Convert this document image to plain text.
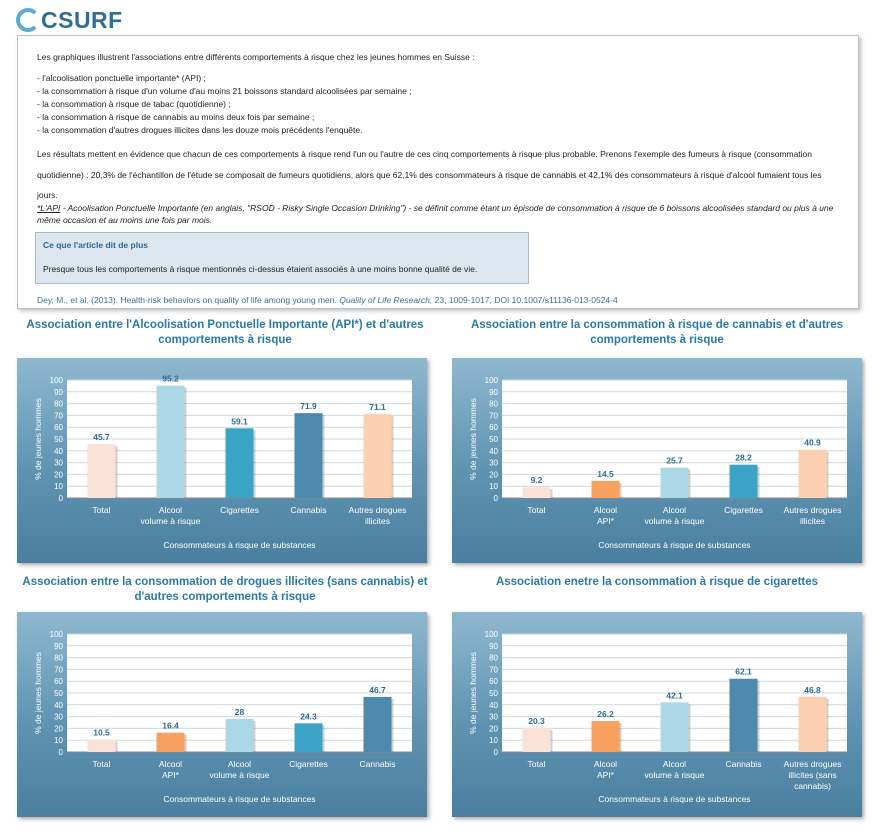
CSURF
Les graphiques illustrent l'associations entre différents comportements à risque chez les jeunes hommes en Suisse :
- l'alcoolisation ponctuelle importante* (API) ;
- la consommation à risque d'un volume d'au moins 21 boissons standard alcoolisées par semaine ;
- la consommation à risque de tabac (quotidienne) ;
- la consommation à risque de cannabis au moins deux fois par semaine ;
- la consommation d'autres drogues illicites dans les douze mois précédents l'enquête.
Les résultats mettent en évidence que chacun de ces comportements à risque rend l'un ou l'autre de ces cinq comportements à risque plus probable. Prenons l'exemple des fumeurs à risque (consommation quotidienne) : 20,3% de l'échantillon de l'étude se composait de fumeurs quotidiens, alors que 62,1% des consommateurs à risque de cannabis et 42,1% des consommateurs à risque d'alcool fumaient tous les jours.
*L'API - Acoolisation Ponctuelle Importante (en anglais, "RSOD - Risky Single Occasion Drinking") - se définit comme étant un épisode de consommation à risque de 6 boissons alcoolisées standard ou plus à une même occasion et au moins une fois par mois.
Ce que l'article dit de plus
Presque tous les comportements à risque mentionnés ci-dessus étaient associés à une moins bonne qualité de vie.
Dey, M., et al. (2013). Health-risk behaviors on quality of life among young men. Quality of Life Research, 23, 1009-1017, DOI 10.1007/s11136-013-0524-4
Association entre l'Alcoolisation Ponctuelle Importante (API*) et d'autres comportements à risque
0
10
20
30
40
50
60
70
80
90
100
45.7
Total
95.2
Alcool
volume à risque
59.1
Cigarettes
71.9
Cannabis
71.1
Autres drogues
illicites
Consommateurs à risque de substances
% de jeunes hommes
Association entre la consommation à risque de cannabis et d'autres comportements à risque
0
10
20
30
40
50
60
70
80
90
100
9.2
Total
14.5
Alcool
API*
25.7
Alcool
volume à risque
28.2
Cigarettes
40.9
Autres drogues
illicites
Consommateurs à risque de substances
% de jeunes hommes
Association entre la consommation de drogues illicites (sans cannabis) et d'autres comportements à risque
0
10
20
30
40
50
60
70
80
90
100
10.5
Total
16.4
Alcool
API*
28
Alcool
volume à risque
24.3
Cigarettes
46.7
Cannabis
Consommateurs à risque de substances
% de jeunes hommes
Association enetre la consommation à risque de cigarettes
0
10
20
30
40
50
60
70
80
90
100
20.3
Total
26.2
Alcool
API*
42.1
Alcool
volume à risque
62.1
Cannabis
46.8
Autres drogues
illicites (sans
cannabis)
Consommateurs à risque de substances
% de jeunes hommes
